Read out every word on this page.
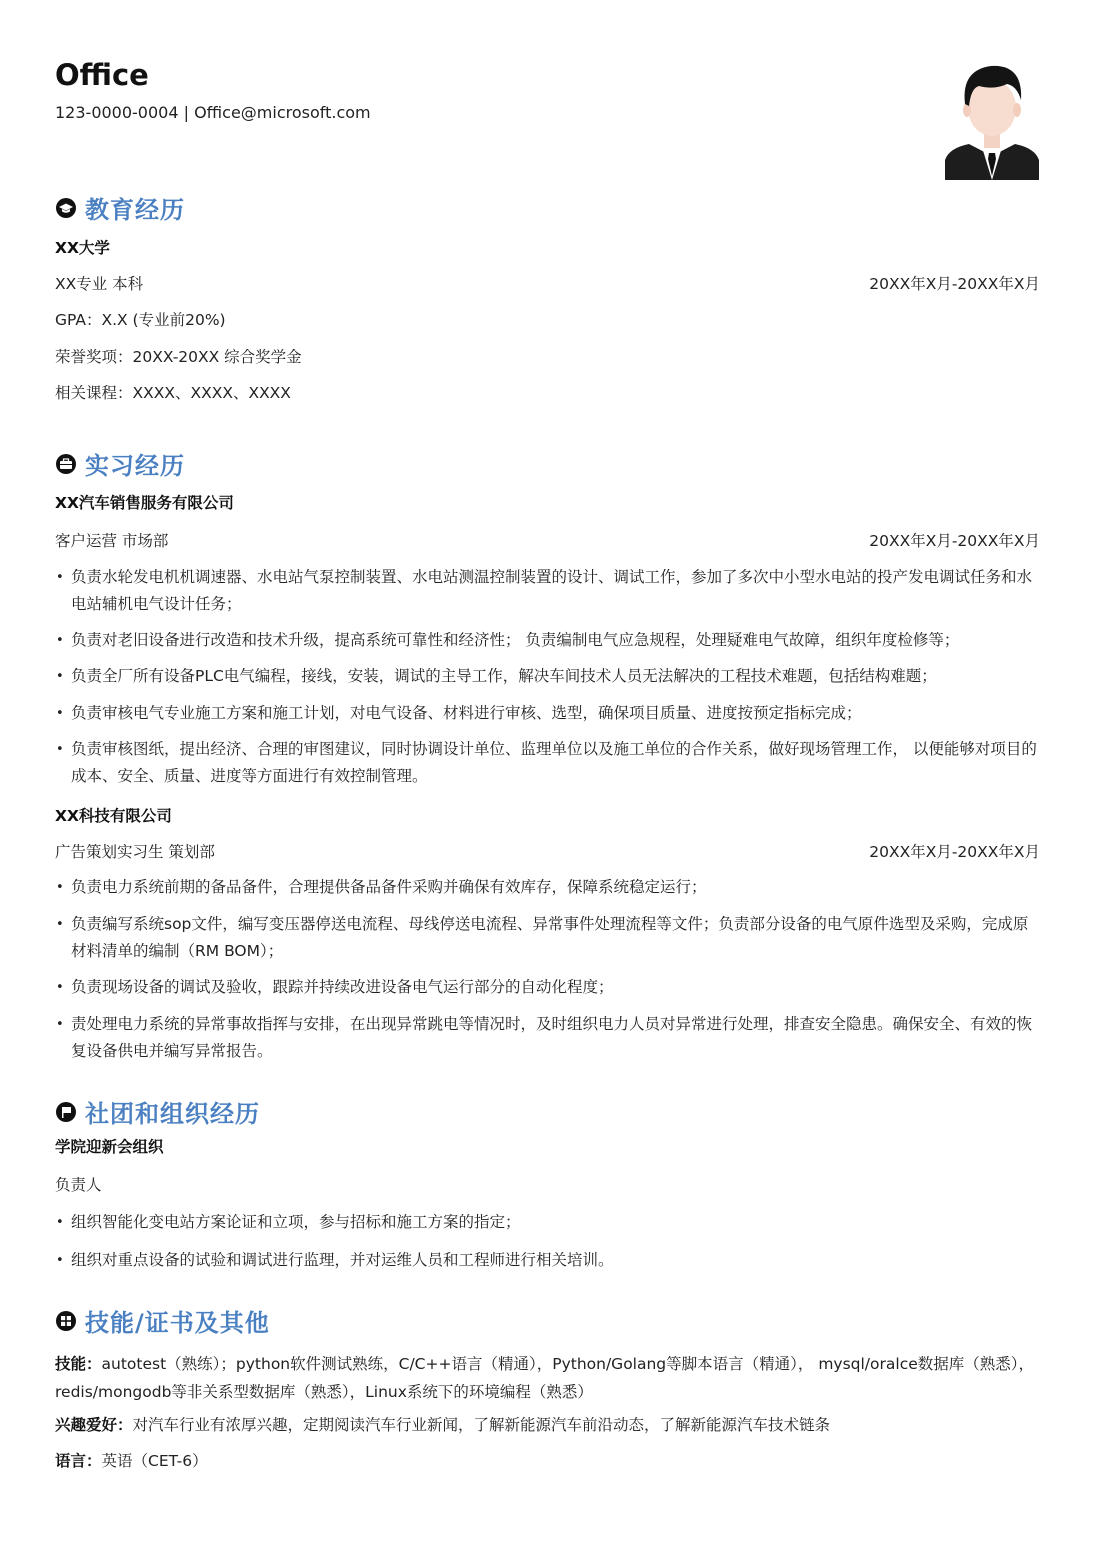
Office
123-0000-0004 | Office@microsoft.com
教育经历
XX大学
XX专业 本科	20XX年X月-20XX年X月
GPA：X.X (专业前20%)
荣誉奖项：20XX-20XX 综合奖学金
相关课程：XXXX、XXXX、XXXX
实习经历
XX汽车销售服务有限公司
客户运营 市场部	20XX年X月-20XX年X月
• 负责水轮发电机机调速器、水电站气泵控制装置、水电站测温控制装置的设计、调试工作，参加了多次中小型水电站的投产发电调试任务和水电站辅机电气设计任务；
• 负责对老旧设备进行改造和技术升级，提高系统可靠性和经济性； 负责编制电气应急规程，处理疑难电气故障，组织年度检修等；
• 负责全厂所有设备PLC电气编程，接线，安装，调试的主导工作，解决车间技术人员无法解决的工程技术难题，包括结构难题；
• 负责审核电气专业施工方案和施工计划，对电气设备、材料进行审核、选型，确保项目质量、进度按预定指标完成；
• 负责审核图纸，提出经济、合理的审图建议，同时协调设计单位、监理单位以及施工单位的合作关系，做好现场管理工作， 以便能够对项目的成本、安全、质量、进度等方面进行有效控制管理。
XX科技有限公司
广告策划实习生 策划部	20XX年X月-20XX年X月
• 负责电力系统前期的备品备件，合理提供备品备件采购并确保有效库存，保障系统稳定运行；
• 负责编写系统sop文件，编写变压器停送电流程、母线停送电流程、异常事件处理流程等文件；负责部分设备的电气原件选型及采购，完成原材料清单的编制（RM BOM）；
• 负责现场设备的调试及验收，跟踪并持续改进设备电气运行部分的自动化程度；
• 责处理电力系统的异常事故指挥与安排，在出现异常跳电等情况时，及时组织电力人员对异常进行处理，排查安全隐患。确保安全、有效的恢复设备供电并编写异常报告。
社团和组织经历
学院迎新会组织
负责人
• 组织智能化变电站方案论证和立项，参与招标和施工方案的指定；
• 组织对重点设备的试验和调试进行监理，并对运维人员和工程师进行相关培训。
技能/证书及其他
技能：autotest（熟练）；python软件测试熟练，C/C++语言（精通），Python/Golang等脚本语言（精通）， mysql/oralce数据库（熟悉），redis/mongodb等非关系型数据库（熟悉），Linux系统下的环境编程（熟悉）
兴趣爱好：对汽车行业有浓厚兴趣，定期阅读汽车行业新闻，了解新能源汽车前沿动态，了解新能源汽车技术链条
语言：英语（CET-6）
